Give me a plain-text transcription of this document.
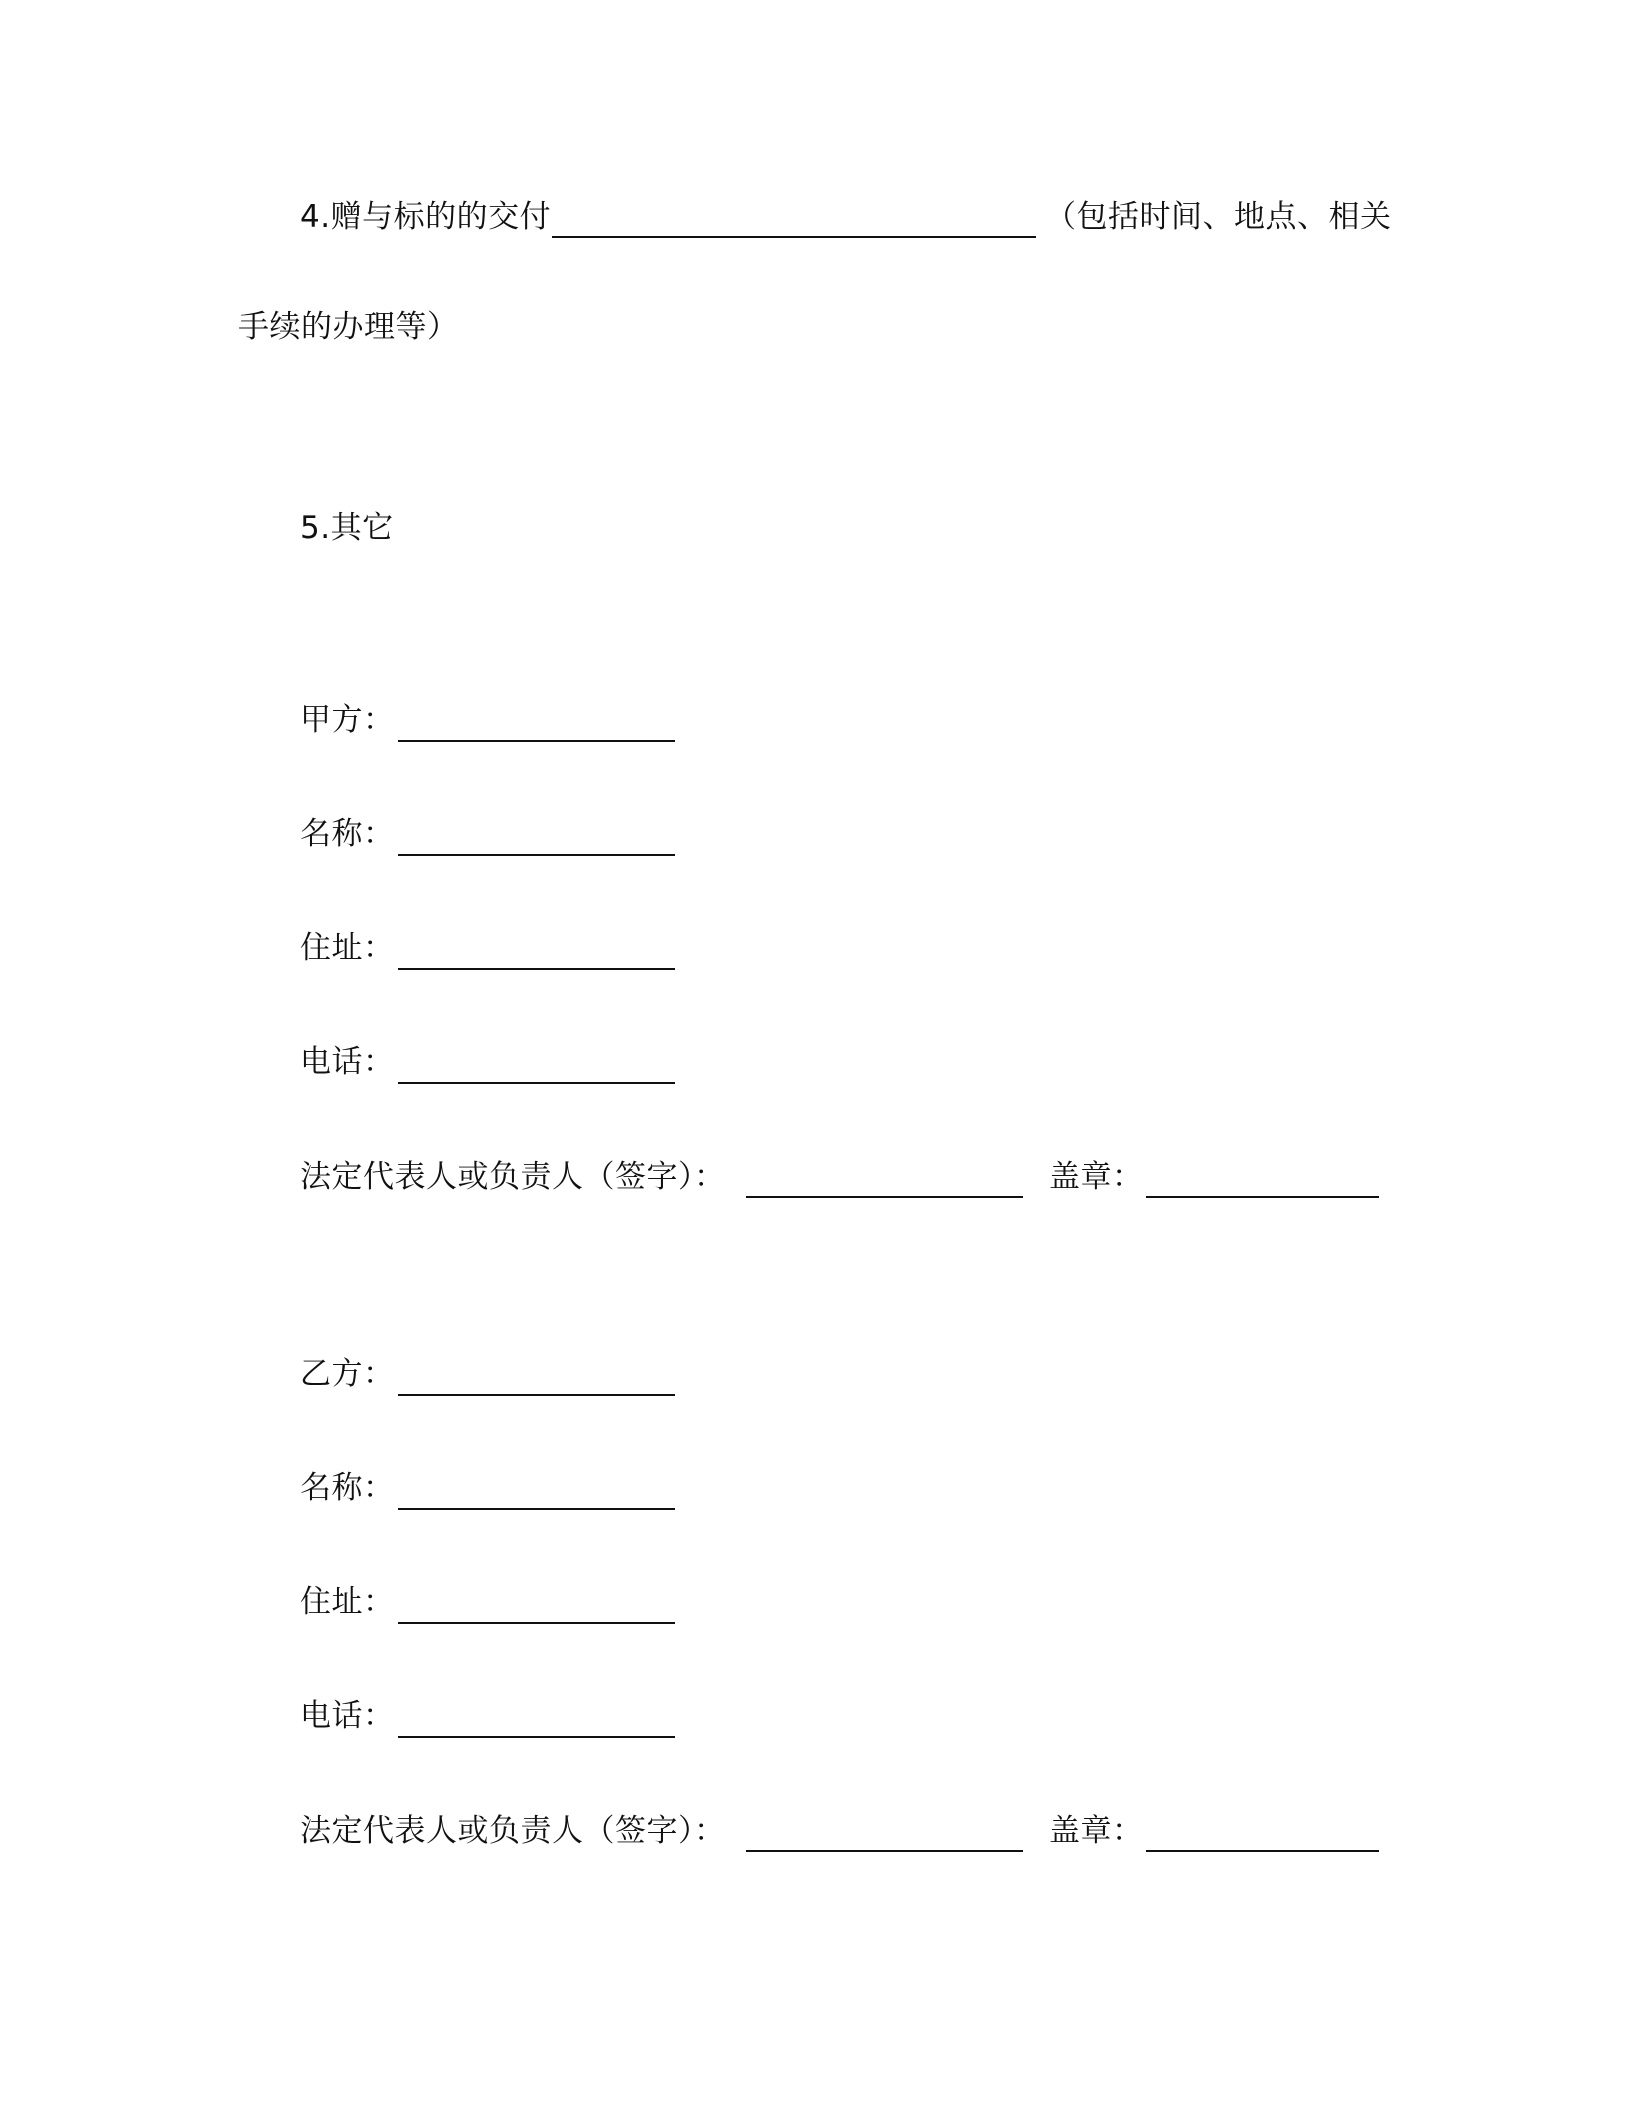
4.赠与标的的交付	（包括时间、地点、相关
手续的办理等）
5.其它
甲方：
名称：
住址：
电话：
法定代表人或负责人（签字）：	盖章：
乙方：
名称：
住址：
电话：
法定代表人或负责人（签字）：	盖章：
